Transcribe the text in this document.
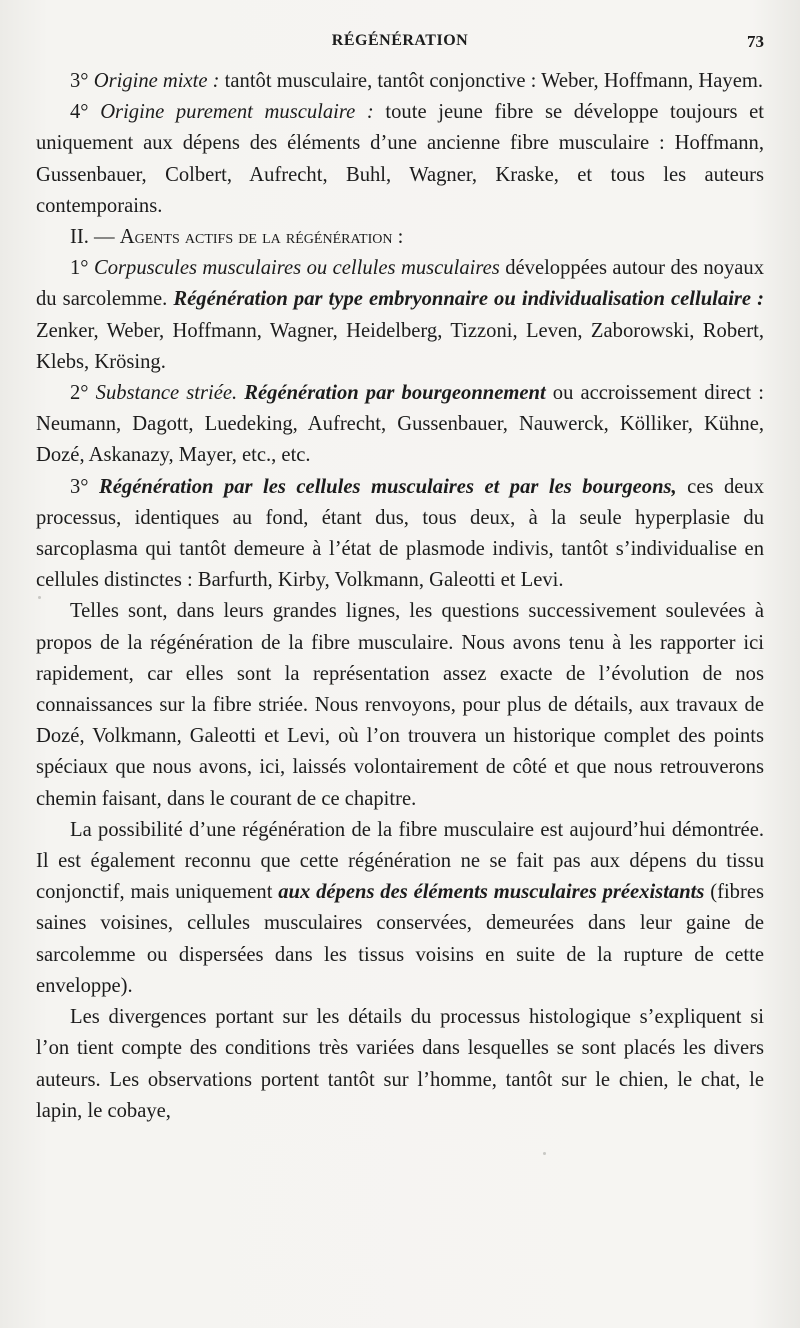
RÉGÉNÉRATION	73

3° Origine mixte : tantôt musculaire, tantôt conjonctive : Weber, Hoffmann, Hayem.

4° Origine purement musculaire : toute jeune fibre se développe toujours et uniquement aux dépens des éléments d’une ancienne fibre musculaire : Hoffmann, Gussenbauer, Colbert, Aufrecht, Buhl, Wagner, Kraske, et tous les auteurs contemporains.

II. — Agents actifs de la régénération :

1° Corpuscules musculaires ou cellules musculaires développées autour des noyaux du sarcolemme. Régénération par type embryonnaire ou individualisation cellulaire : Zenker, Weber, Hoffmann, Wagner, Heidelberg, Tizzoni, Leven, Zaborowski, Robert, Klebs, Krösing.

2° Substance striée. Régénération par bourgeonnement ou accroissement direct : Neumann, Dagott, Luedeking, Aufrecht, Gussenbauer, Nauwerck, Kölliker, Kühne, Dozé, Askanazy, Mayer, etc., etc.

3° Régénération par les cellules musculaires et par les bourgeons, ces deux processus, identiques au fond, étant dus, tous deux, à la seule hyperplasie du sarcoplasma qui tantôt demeure à l’état de plasmode indivis, tantôt s’individualise en cellules distinctes : Barfurth, Kirby, Volkmann, Galeotti et Levi.

Telles sont, dans leurs grandes lignes, les questions successivement soulevées à propos de la régénération de la fibre musculaire. Nous avons tenu à les rapporter ici rapidement, car elles sont la représentation assez exacte de l’évolution de nos connaissances sur la fibre striée. Nous renvoyons, pour plus de détails, aux travaux de Dozé, Volkmann, Galeotti et Levi, où l’on trouvera un historique complet des points spéciaux que nous avons, ici, laissés volontairement de côté et que nous retrouverons chemin faisant, dans le courant de ce chapitre.

La possibilité d’une régénération de la fibre musculaire est aujourd’hui démontrée. Il est également reconnu que cette régénération ne se fait pas aux dépens du tissu conjonctif, mais uniquement aux dépens des éléments musculaires préexistants (fibres saines voisines, cellules musculaires conservées, demeurées dans leur gaine de sarcolemme ou dispersées dans les tissus voisins en suite de la rupture de cette enveloppe).

Les divergences portant sur les détails du processus histologique s’expliquent si l’on tient compte des conditions très variées dans lesquelles se sont placés les divers auteurs. Les observations portent tantôt sur l’homme, tantôt sur le chien, le chat, le lapin, le cobaye,
